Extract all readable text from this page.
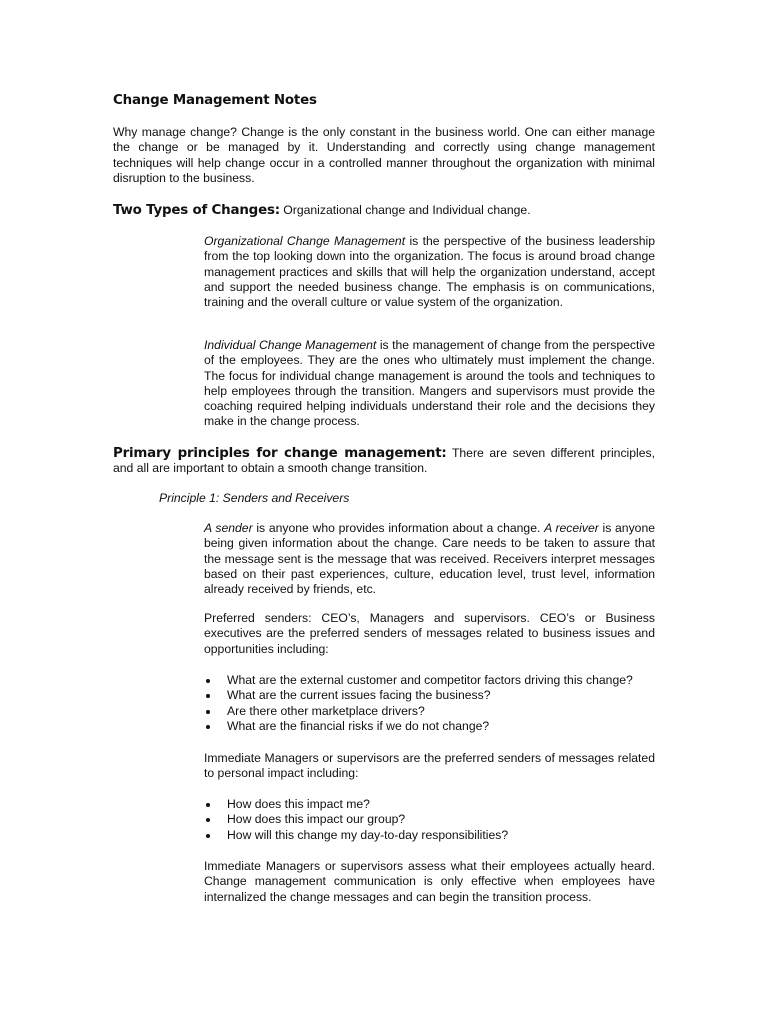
Change Management Notes

Why manage change? Change is the only constant in the business world. One can either manage the change or be managed by it. Understanding and correctly using change management techniques will help change occur in a controlled manner throughout the organization with minimal disruption to the business.

Two Types of Changes: Organizational change and Individual change.

Organizational Change Management is the perspective of the business leadership from the top looking down into the organization. The focus is around broad change management practices and skills that will help the organization understand, accept and support the needed business change. The emphasis is on communications, training and the overall culture or value system of the organization.

Individual Change Management is the management of change from the perspective of the employees. They are the ones who ultimately must implement the change. The focus for individual change management is around the tools and techniques to help employees through the transition. Mangers and supervisors must provide the coaching required helping individuals understand their role and the decisions they make in the change process.

Primary principles for change management: There are seven different principles, and all are important to obtain a smooth change transition.

Principle 1: Senders and Receivers

A sender is anyone who provides information about a change. A receiver is anyone being given information about the change. Care needs to be taken to assure that the message sent is the message that was received. Receivers interpret messages based on their past experiences, culture, education level, trust level, information already received by friends, etc.

Preferred senders: CEO’s, Managers and supervisors. CEO’s or Business executives are the preferred senders of messages related to business issues and opportunities including:

What are the external customer and competitor factors driving this change?
What are the current issues facing the business?
Are there other marketplace drivers?
What are the financial risks if we do not change?

Immediate Managers or supervisors are the preferred senders of messages related to personal impact including:

How does this impact me?
How does this impact our group?
How will this change my day-to-day responsibilities?

Immediate Managers or supervisors assess what their employees actually heard. Change management communication is only effective when employees have internalized the change messages and can begin the transition process.
